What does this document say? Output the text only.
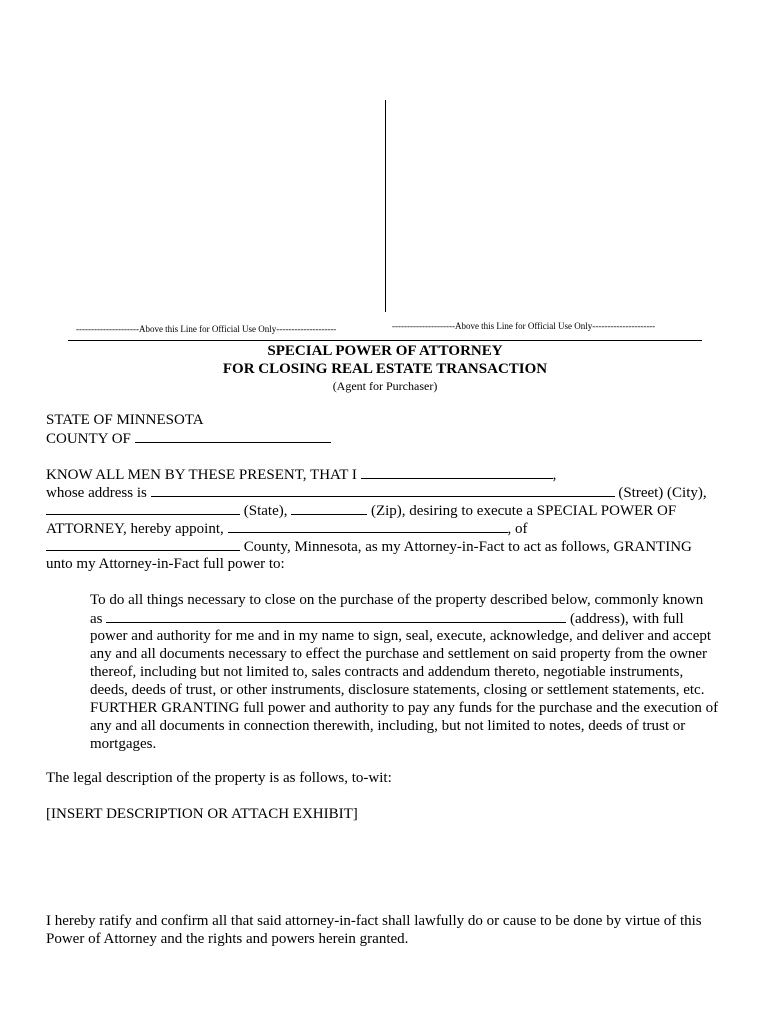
---------------------Above this Line for Official Use Only--------------------	---------------------Above this Line for Official Use Only---------------------
SPECIAL POWER OF ATTORNEY
FOR CLOSING REAL ESTATE TRANSACTION
(Agent for Purchaser)
STATE OF MINNESOTA
COUNTY OF
KNOW ALL MEN BY THESE PRESENT, THAT I	,
whose address is	(Street) (City),
(State),	(Zip), desiring to execute a SPECIAL POWER OF
ATTORNEY, hereby appoint,	, of
County, Minnesota, as my Attorney-in-Fact to act as follows, GRANTING
unto my Attorney-in-Fact full power to:
To do all things necessary to close on the purchase of the property described below, commonly known
as	(address), with full
power and authority for me and in my name to sign, seal, execute, acknowledge, and deliver and accept
any and all documents necessary to effect the purchase and settlement on said property from the owner
thereof, including but not limited to, sales contracts and addendum thereto, negotiable instruments,
deeds, deeds of trust, or other instruments, disclosure statements, closing or settlement statements, etc.
FURTHER GRANTING full power and authority to pay any funds for the purchase and the execution of
any and all documents in connection therewith, including, but not limited to notes, deeds of trust or
mortgages.
The legal description of the property is as follows, to-wit:
[INSERT DESCRIPTION OR ATTACH EXHIBIT]
I hereby ratify and confirm all that said attorney-in-fact shall lawfully do or cause to be done by virtue of this
Power of Attorney and the rights and powers herein granted.
